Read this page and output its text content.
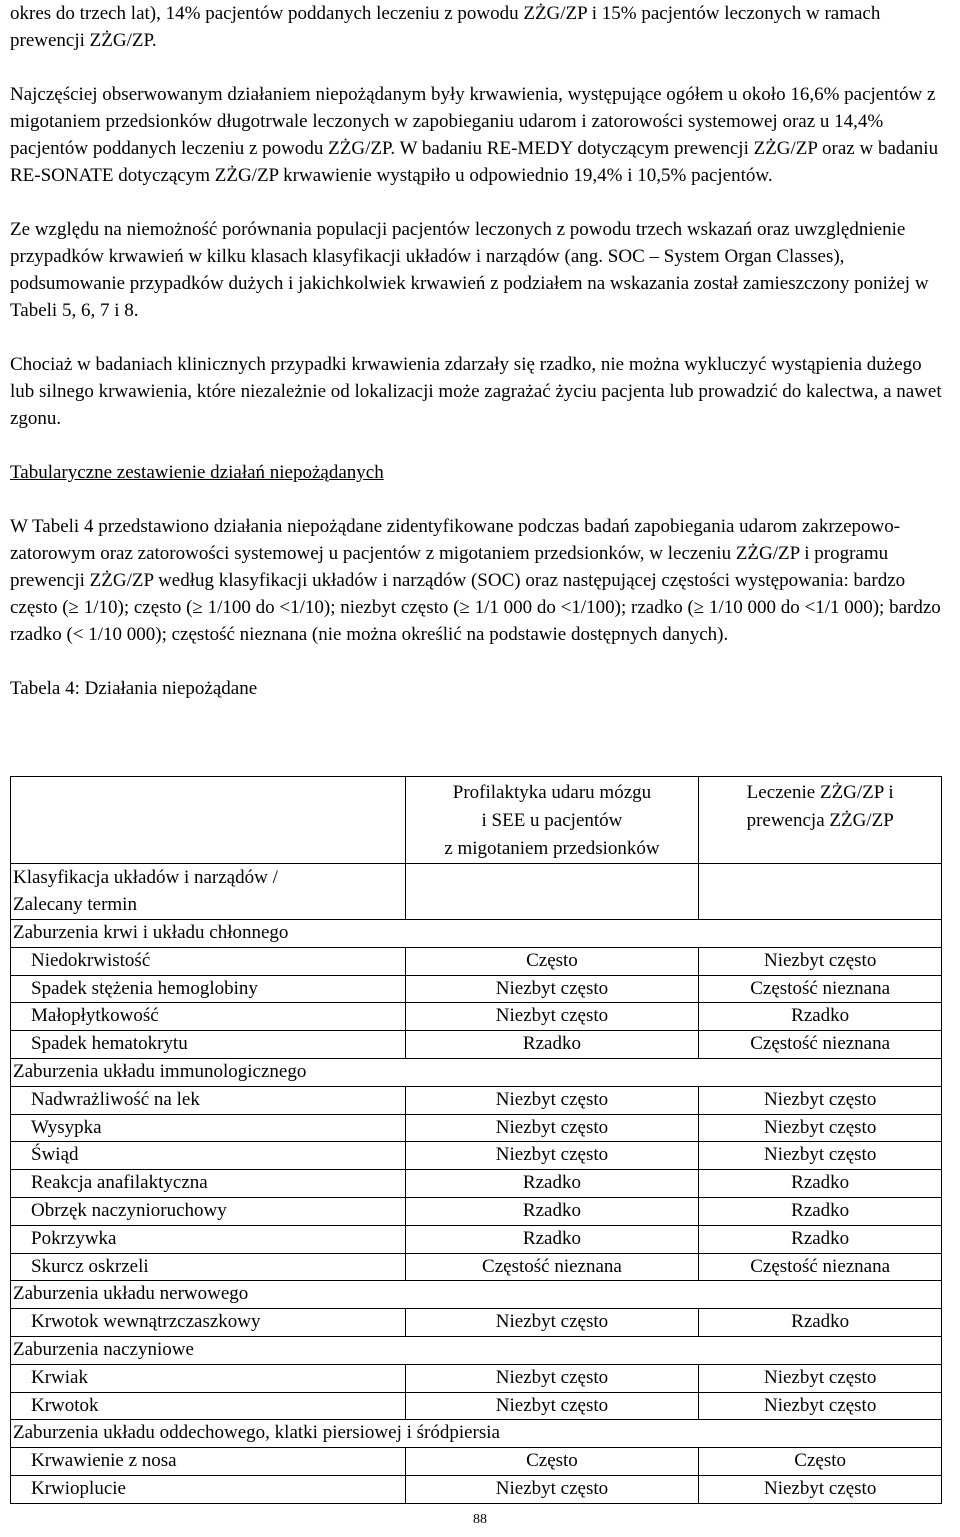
okres do trzech lat), 14% pacjentów poddanych leczeniu z powodu ZŻG/ZP i 15% pacjentów leczonych w ramach prewencji ZŻG/ZP.

Najczęściej obserwowanym działaniem niepożądanym były krwawienia, występujące ogółem u około 16,6% pacjentów z migotaniem przedsionków długotrwale leczonych w zapobieganiu udarom i zatorowości systemowej oraz u 14,4% pacjentów poddanych leczeniu z powodu ZŻG/ZP. W badaniu RE-MEDY dotyczącym prewencji ZŻG/ZP oraz w badaniu RE-SONATE dotyczącym ZŻG/ZP krwawienie wystąpiło u odpowiednio 19,4% i 10,5% pacjentów.

Ze względu na niemożność porównania populacji pacjentów leczonych z powodu trzech wskazań oraz uwzględnienie przypadków krwawień w kilku klasach klasyfikacji układów i narządów (ang. SOC – System Organ Classes), podsumowanie przypadków dużych i jakichkolwiek krwawień z podziałem na wskazania został zamieszczony poniżej w Tabeli 5, 6, 7 i 8.

Chociaż w badaniach klinicznych przypadki krwawienia zdarzały się rzadko, nie można wykluczyć wystąpienia dużego lub silnego krwawienia, które niezależnie od lokalizacji może zagrażać życiu pacjenta lub prowadzić do kalectwa, a nawet zgonu.

Tabularyczne zestawienie działań niepożądanych

W Tabeli 4 przedstawiono działania niepożądane zidentyfikowane podczas badań zapobiegania udarom zakrzepowo-zatorowym oraz zatorowości systemowej u pacjentów z migotaniem przedsionków, w leczeniu ZŻG/ZP i programu prewencji ZŻG/ZP według klasyfikacji układów i narządów (SOC) oraz następującej częstości występowania: bardzo często (≥ 1/10); często (≥ 1/100 do <1/10); niezbyt często (≥ 1/1 000 do <1/100); rzadko (≥ 1/10 000 do <1/1 000); bardzo rzadko (< 1/10 000); częstość nieznana (nie można określić na podstawie dostępnych danych).

Tabela 4: Działania niepożądane

	Profilaktyka udaru mózgu
i SEE u pacjentów
z migotaniem przedsionków	Leczenie ZŻG/ZP i
prewencja ZŻG/ZP

Klasyfikacja układów i narządów /
Zalecany termin		

Zaburzenia krwi i układu chłonnego		
Niedokrwistość	Często	Niezbyt często
Spadek stężenia hemoglobiny	Niezbyt często	Częstość nieznana
Małopłytkowość	Niezbyt często	Rzadko
Spadek hematokrytu	Rzadko	Częstość nieznana
Zaburzenia układu immunologicznego		
Nadwrażliwość na lek	Niezbyt często	Niezbyt często
Wysypka	Niezbyt często	Niezbyt często
Świąd	Niezbyt często	Niezbyt często
Reakcja anafilaktyczna	Rzadko	Rzadko
Obrzęk naczynioruchowy	Rzadko	Rzadko
Pokrzywka	Rzadko	Rzadko
Skurcz oskrzeli	Częstość nieznana	Częstość nieznana
Zaburzenia układu nerwowego		
Krwotok wewnątrzczaszkowy	Niezbyt często	Rzadko
Zaburzenia naczyniowe		
Krwiak	Niezbyt często	Niezbyt często
Krwotok	Niezbyt często	Niezbyt często
Zaburzenia układu oddechowego, klatki piersiowej i śródpiersia		
Krwawienie z nosa	Często	Często
Krwioplucie	Niezbyt często	Niezbyt często
88
